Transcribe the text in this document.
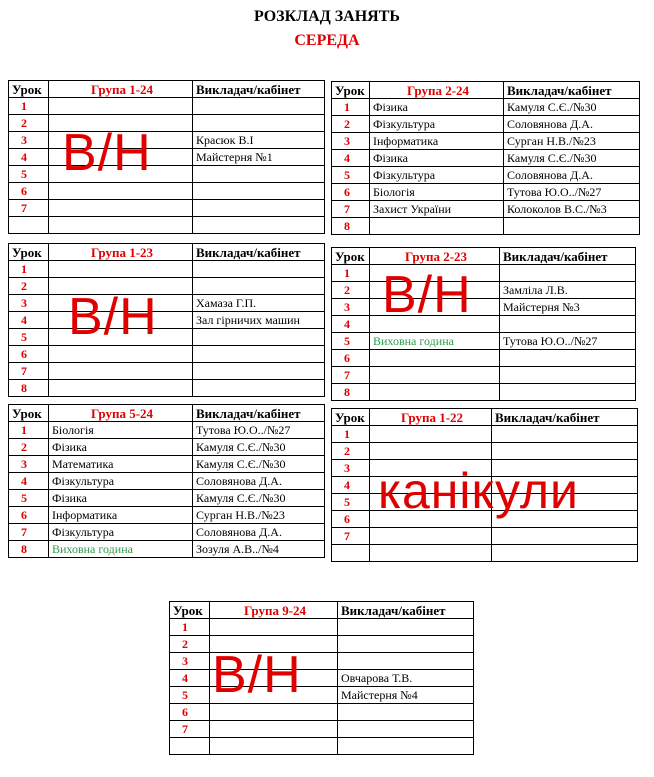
РОЗКЛАД ЗАНЯТЬ
СЕРЕДА
Урок	Група 1-24	Викладач/кабінет
1		
2		
3		Красюк В.І
4		Майстерня №1
5		
6		
7		

В/Н
Урок	Група 2-24	Викладач/кабінет
1	Фізика	Камуля С.Є./№30
2	Фізкультура	Соловянова Д.А.
3	Інформатика	Сурган Н.В./№23
4	Фізика	Камуля С.Є./№30
5	Фізкультура	Соловянова Д.А.
6	Біологія	Тутова Ю.О../№27
7	Захист України	Колоколов В.С./№3
8		
Урок	Група 1-23	Викладач/кабінет
1		
2		
3		Хамаза Г.П.
4		Зал гірничих машин
5		
6		
7		
8		
В/Н
Урок	Група 2-23	Викладач/кабінет
1		
2		Замліла Л.В.
3		Майстерня №3
4		
5	Виховна година	Тутова Ю.О../№27
6		
7		
8		
В/Н
Урок	Група 5-24	Викладач/кабінет
1	Біологія	Тутова Ю.О../№27
2	Фізика	Камуля С.Є./№30
3	Математика	Камуля С.Є./№30
4	Фізкультура	Соловянова Д.А.
5	Фізика	Камуля С.Є./№30
6	Інформатика	Сурган Н.В./№23
7	Фізкультура	Соловянова Д.А.
8	Виховна година	Зозуля А.В../№4
Урок	Група 1-22	Викладач/кабінет
1		
2		
3		
4		
5		
6		
7		

канікули
Урок	Група 9-24	Викладач/кабінет
1		
2		
3		
4		Овчарова Т.В.
5		Майстерня №4
6		
7		

В/Н
